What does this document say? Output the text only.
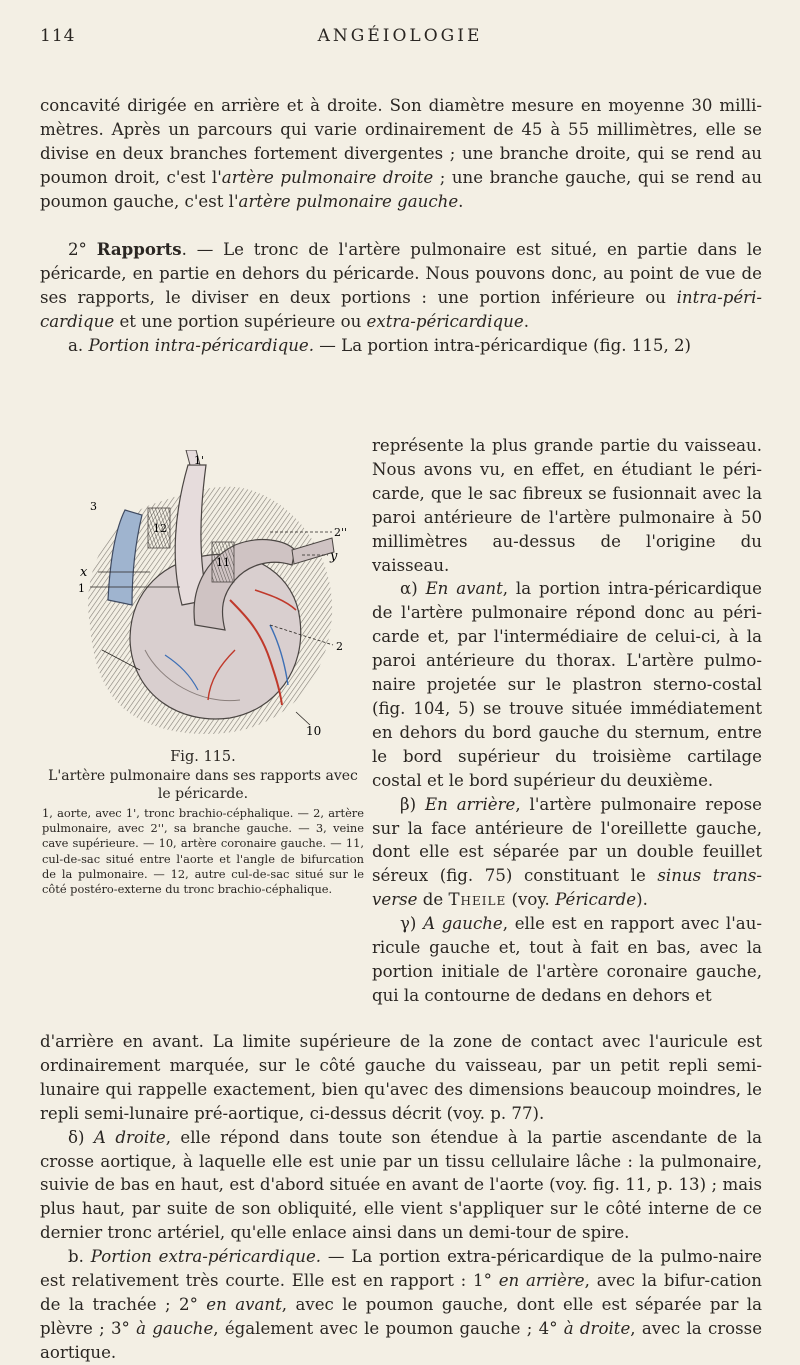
114	ANGÉIOLOGIE

concavité dirigée en arrière et à droite. Son diamètre mesure en moyenne 30 milli- mètres. Après un parcours qui varie ordinairement de 45 à 55 millimètres, elle se divise en deux branches fortement divergentes ; une branche droite, qui se rend au poumon droit, c'est l'artère pulmonaire droite ; une branche gauche, qui se rend au poumon gauche, c'est l'artère pulmonaire gauche.

2° Rapports. — Le tronc de l'artère pulmonaire est situé, en partie dans le péricarde, en partie en dehors du péricarde. Nous pouvons donc, au point de vue de ses rapports, le diviser en deux portions : une portion inférieure ou intra-péri- cardique et une portion supérieure ou extra-péricardique.

a. Portion intra-péricardique. — La portion intra-péricardique (fig. 115, 2)

1'
3
2''
x
y
1
12
11
2
10

représente la plus grande partie du vaisseau. Nous avons vu, en effet, en étudiant le péri-carde, que le sac fibreux se fusionnait avec la paroi antérieure de l'artère pulmonaire à 50 millimètres au-dessus de l'origine du vaisseau.

α) En avant, la portion intra-péricardique de l'artère pulmonaire répond donc au péri-carde et, par l'intermédiaire de celui-ci, à la paroi antérieure du thorax. L'artère pulmo-naire projetée sur le plastron sterno-costal (fig. 104, 5) se trouve située immédiatement en dehors du bord gauche du sternum, entre le bord supérieur du troisième cartilage costal et le bord supérieur du deuxième.

β) En arrière, l'artère pulmonaire repose sur la face antérieure de l'oreillette gauche, dont elle est séparée par un double feuillet séreux (fig. 75) constituant le sinus trans-verse de Theile (voy. Péricarde).

γ) A gauche, elle est en rapport avec l'au-ricule gauche et, tout à fait en bas, avec la portion initiale de l'artère coronaire gauche, qui la contourne de dedans en dehors et

Fig. 115.
L'artère pulmonaire dans ses rapports avec le péricarde.
1, aorte, avec 1', tronc brachio-céphalique. — 2, artère pulmonaire, avec 2'', sa branche gauche. — 3, veine cave supérieure. — 10, artère coronaire gauche. — 11, cul-de-sac situé entre l'aorte et l'angle de bifurcation de la pulmonaire. — 12, autre cul-de-sac situé sur le côté postéro-externe du tronc brachio-céphalique.

d'arrière en avant. La limite supérieure de la zone de contact avec l'auricule est ordinairement marquée, sur le côté gauche du vaisseau, par un petit repli semi-lunaire qui rappelle exactement, bien qu'avec des dimensions beaucoup moindres, le repli semi-lunaire pré-aortique, ci-dessus décrit (voy. p. 77).

δ) A droite, elle répond dans toute son étendue à la partie ascendante de la crosse aortique, à laquelle elle est unie par un tissu cellulaire lâche : la pulmonaire, suivie de bas en haut, est d'abord située en avant de l'aorte (voy. fig. 11, p. 13) ; mais plus haut, par suite de son obliquité, elle vient s'appliquer sur le côté interne de ce dernier tronc artériel, qu'elle enlace ainsi dans un demi-tour de spire.

b. Portion extra-péricardique. — La portion extra-péricardique de la pulmo-naire est relativement très courte. Elle est en rapport : 1° en arrière, avec la bifur-cation de la trachée ; 2° en avant, avec le poumon gauche, dont elle est séparée par la plèvre ; 3° à gauche, également avec le poumon gauche ; 4° à droite, avec la crosse aortique.
